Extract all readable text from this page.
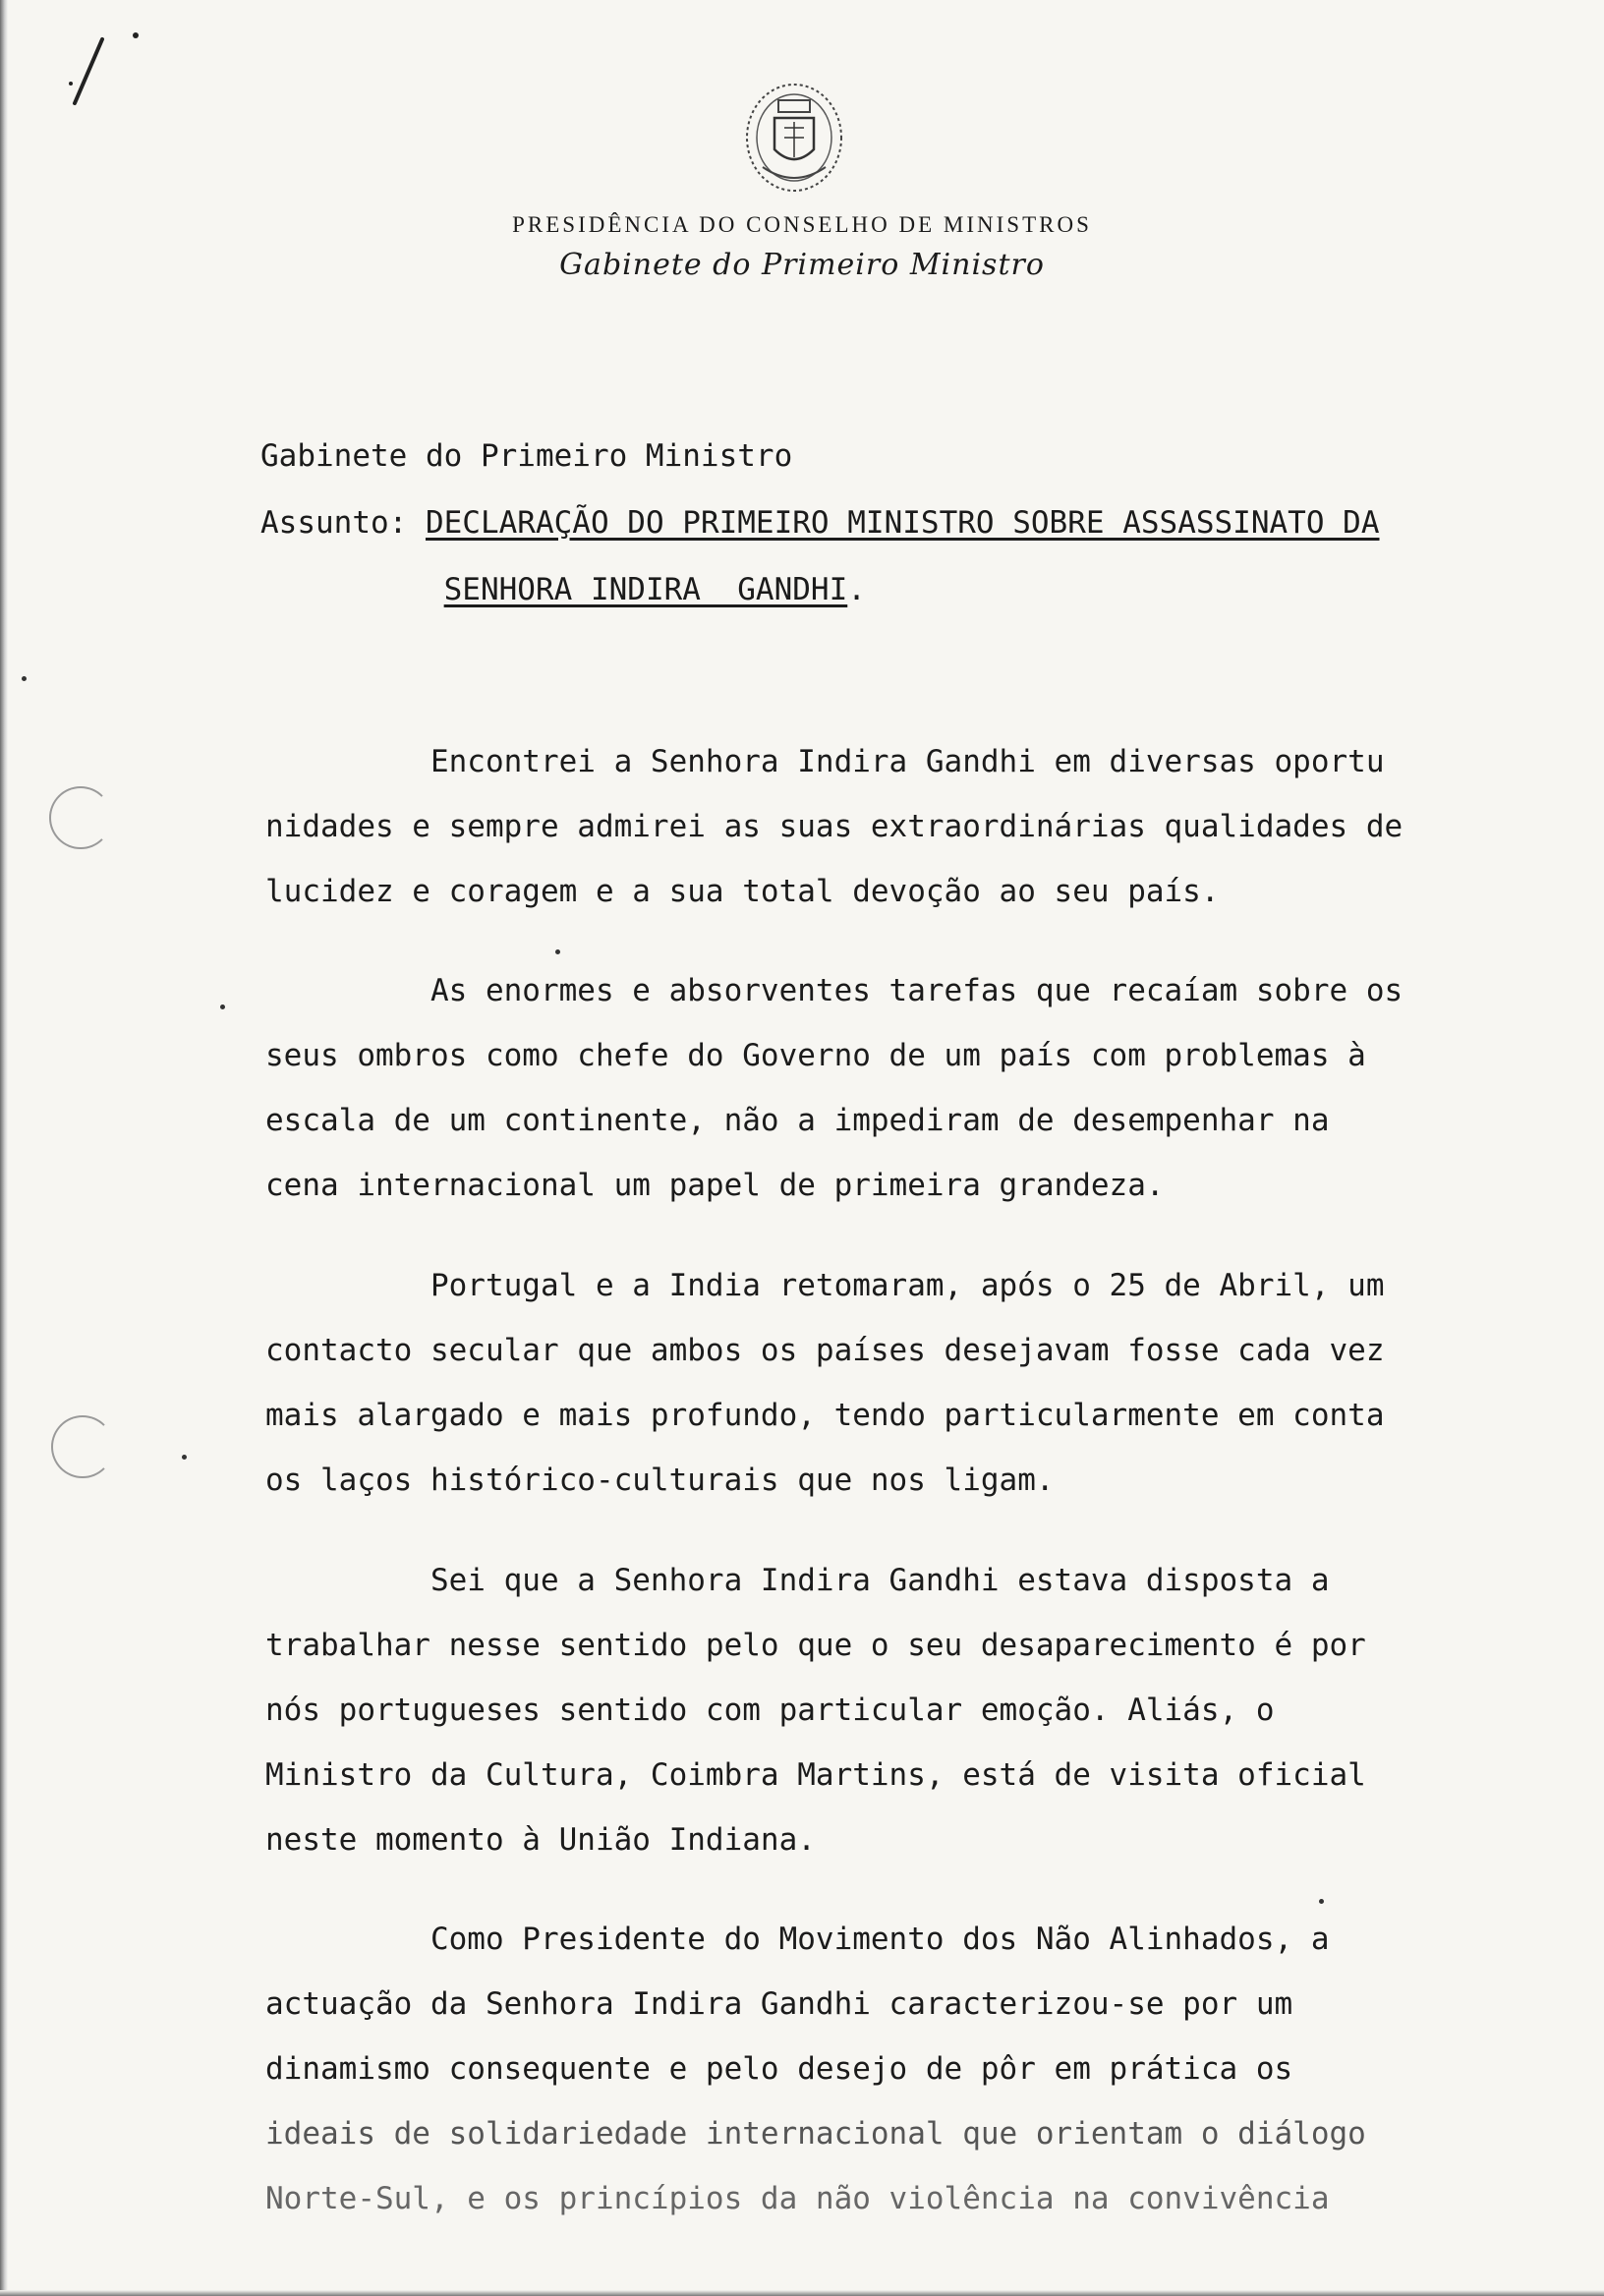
PRESIDÊNCIA DO CONSELHO DE MINISTROS
Gabinete do Primeiro Ministro
Gabinete do Primeiro Ministro
Assunto: DECLARAÇÃO DO PRIMEIRO MINISTRO SOBRE ASSASSINATO DA
SENHORA INDIRA  GANDHI.
Encontrei a Senhora Indira Gandhi em diversas oportu
nidades e sempre admirei as suas extraordinárias qualidades de
lucidez e coragem e a sua total devoção ao seu país.
As enormes e absorventes tarefas que recaíam sobre os
seus ombros como chefe do Governo de um país com problemas à
escala de um continente, não a impediram de desempenhar na
cena internacional um papel de primeira grandeza.
Portugal e a India retomaram, após o 25 de Abril, um
contacto secular que ambos os países desejavam fosse cada vez
mais alargado e mais profundo, tendo particularmente em conta
os laços histórico-culturais que nos ligam.
Sei que a Senhora Indira Gandhi estava disposta a
trabalhar nesse sentido pelo que o seu desaparecimento é por
nós portugueses sentido com particular emoção. Aliás, o
Ministro da Cultura, Coimbra Martins, está de visita oficial
neste momento à União Indiana.
Como Presidente do Movimento dos Não Alinhados, a
actuação da Senhora Indira Gandhi caracterizou-se por um
dinamismo consequente e pelo desejo de pôr em prática os
ideais de solidariedade internacional que orientam o diálogo
Norte-Sul, e os princípios da não violência na convivência
